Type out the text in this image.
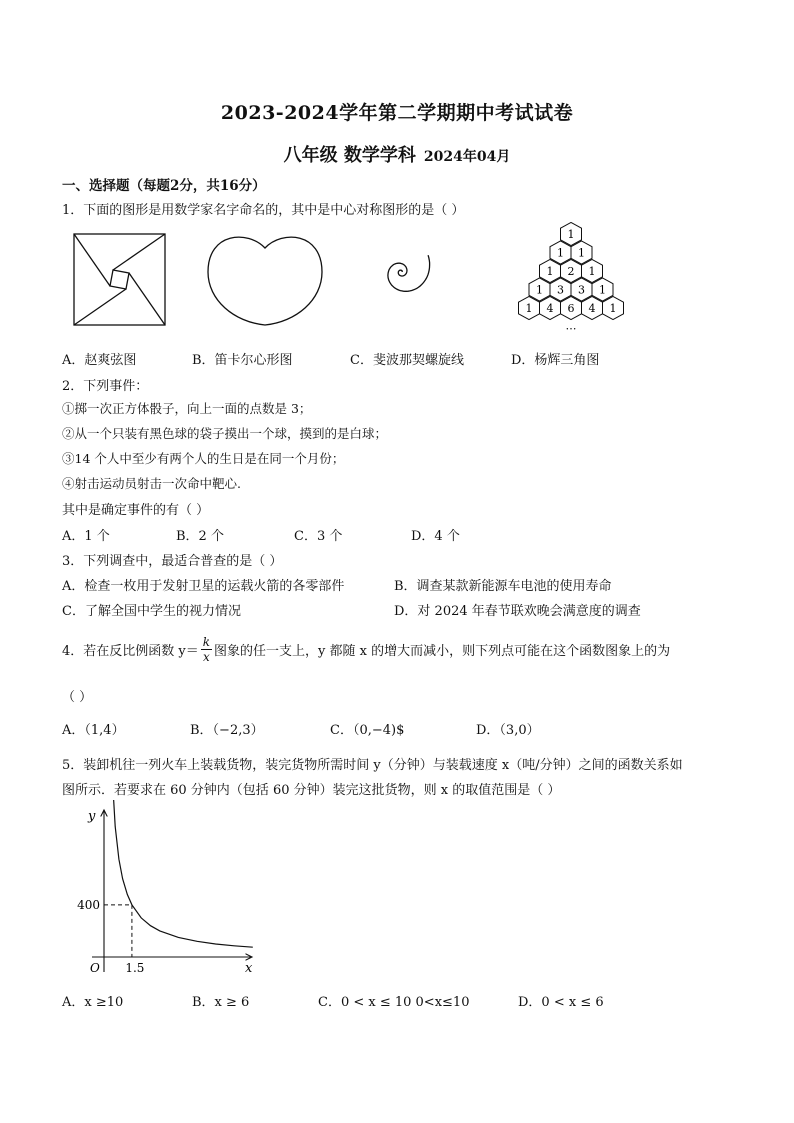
2023-2024学年第二学期期中考试试卷
八年级 数学学科 2024年04月
一、选择题（每题2分，共16分）
1．下面的图形是用数学家名字命名的，其中是中心对称图形的是（ ）
1
1 1
1 2 1
1 3 3 1
1 4 6 4 1
…
A．赵爽弦图	B．笛卡尔心形图	C．斐波那契螺旋线	D．杨辉三角图
2．下列事件：
①掷一次正方体骰子，向上一面的点数是 3；
②从一个只装有黑色球的袋子摸出一个球，摸到的是白球；
③14 个人中至少有两个人的生日是在同一个月份；
④射击运动员射击一次命中靶心.
其中是确定事件的有（ ）
A．1 个	B．2 个	C．3 个	D．4 个
3．下列调查中，最适合普查的是（ ）
A．检查一枚用于发射卫星的运载火箭的各零部件	B．调查某款新能源车电池的使用寿命
C．了解全国中学生的视力情况	D．对 2024 年春节联欢晚会满意度的调查
4．若在反比例函数 $y= \frac{k}{x}$ 图象的任一支上，y 都随 x 的增大而减小，则下列点可能在这个函数图象上的为
（ ）
A．（1,4）	B．（−2,3）	C．（0,−4)$	D．（3,0）
5．装卸机往一列火车上装载货物，装完货物所需时间 y（分钟）与装载速度 x（吨/分钟）之间的函数关系如
图所示．若要求在 60 分钟内（包括 60 分钟）装完这批货物，则 x 的取值范围是（ ）
y
x
O
400
1.5
A．x ≥10	B．x ≥ 6	C．0 < x ≤ 10 0<x≤10	D．0 < x ≤ 6
